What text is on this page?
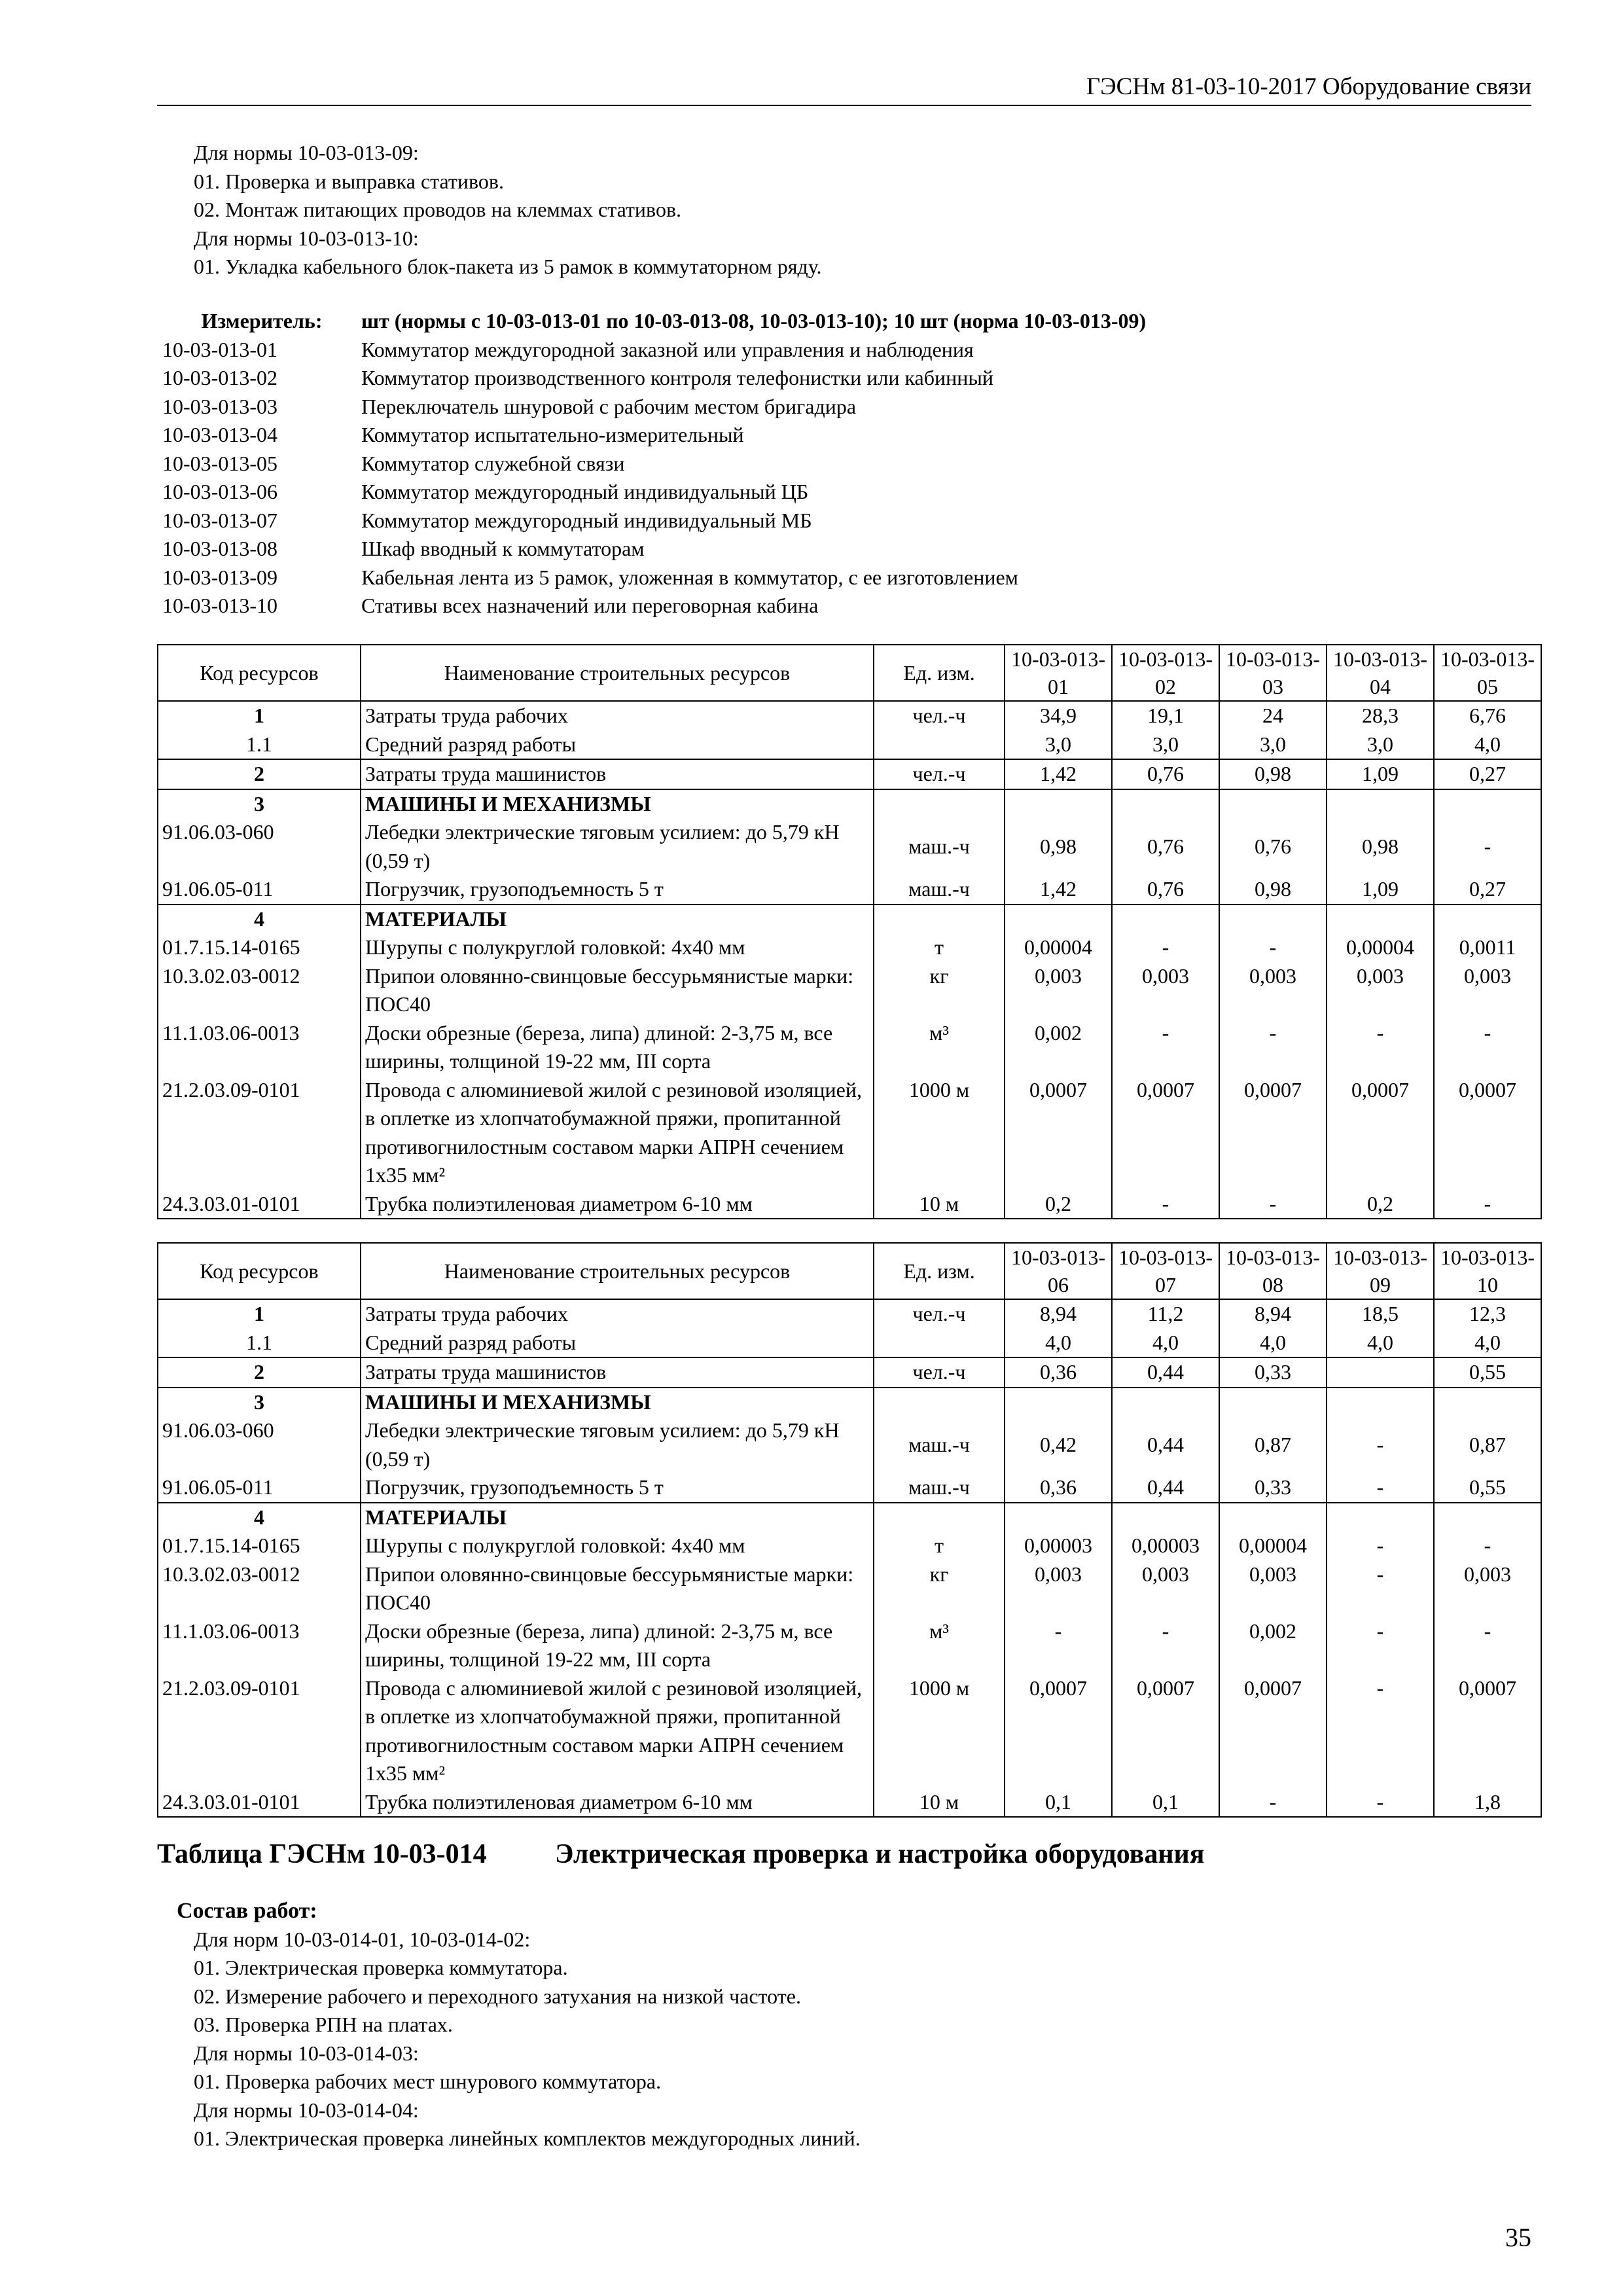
ГЭСНм 81-03-10-2017 Оборудование связи
Для нормы 10-03-013-09:
01. Проверка и выправка стативов.
02. Монтаж питающих проводов на клеммах стативов.
Для нормы 10-03-013-10:
01. Укладка кабельного блок-пакета из 5 рамок в коммутаторном ряду.
Измеритель:	шт (нормы с 10-03-013-01 по 10-03-013-08, 10-03-013-10); 10 шт (норма 10-03-013-09)
10-03-013-01	Коммутатор междугородной заказной или управления и наблюдения
10-03-013-02	Коммутатор производственного контроля телефонистки или кабинный
10-03-013-03	Переключатель шнуровой с рабочим местом бригадира
10-03-013-04	Коммутатор испытательно-измерительный
10-03-013-05	Коммутатор служебной связи
10-03-013-06	Коммутатор междугородный индивидуальный ЦБ
10-03-013-07	Коммутатор междугородный индивидуальный МБ
10-03-013-08	Шкаф вводный к коммутаторам
10-03-013-09	Кабельная лента из 5 рамок, уложенная в коммутатор, с ее изготовлением
10-03-013-10	Стативы всех назначений или переговорная кабина
Код ресурсов	Наименование строительных ресурсов	Ед. изм.	10-03-013-01	10-03-013-02	10-03-013-03	10-03-013-04	10-03-013-05
1	Затраты труда рабочих	чел.-ч	34,9	19,1	24	28,3	6,76
1.1	Средний разряд работы		3,0	3,0	3,0	3,0	4,0
2	Затраты труда машинистов	чел.-ч	1,42	0,76	0,98	1,09	0,27
3	МАШИНЫ И МЕХАНИЗМЫ						
91.06.03-060	Лебедки электрические тяговым усилием: до 5,79 кН (0,59 т)	маш.-ч	0,98	0,76	0,76	0,98	-
91.06.05-011	Погрузчик, грузоподъемность 5 т	маш.-ч	1,42	0,76	0,98	1,09	0,27
4	МАТЕРИАЛЫ						
01.7.15.14-0165	Шурупы с полукруглой головкой: 4x40 мм	т	0,00004	-	-	0,00004	0,0011
10.3.02.03-0012	Припои оловянно-свинцовые бессурьмянистые марки: ПОС40	кг	0,003	0,003	0,003	0,003	0,003
11.1.03.06-0013	Доски обрезные (береза, липа) длиной: 2-3,75 м, все ширины, толщиной 19-22 мм, III сорта	м³	0,002	-	-	-	-
21.2.03.09-0101	Провода с алюминиевой жилой с резиновой изоляцией, в оплетке из хлопчатобумажной пряжи, пропитанной противогнилостным составом марки АПРН сечением 1x35 мм²	1000 м	0,0007	0,0007	0,0007	0,0007	0,0007
24.3.03.01-0101	Трубка полиэтиленовая диаметром 6-10 мм	10 м	0,2	-	-	0,2	-
Код ресурсов	Наименование строительных ресурсов	Ед. изм.	10-03-013-06	10-03-013-07	10-03-013-08	10-03-013-09	10-03-013-10
1	Затраты труда рабочих	чел.-ч	8,94	11,2	8,94	18,5	12,3
1.1	Средний разряд работы		4,0	4,0	4,0	4,0	4,0
2	Затраты труда машинистов	чел.-ч	0,36	0,44	0,33		0,55
3	МАШИНЫ И МЕХАНИЗМЫ						
91.06.03-060	Лебедки электрические тяговым усилием: до 5,79 кН (0,59 т)	маш.-ч	0,42	0,44	0,87	-	0,87
91.06.05-011	Погрузчик, грузоподъемность 5 т	маш.-ч	0,36	0,44	0,33	-	0,55
4	МАТЕРИАЛЫ						
01.7.15.14-0165	Шурупы с полукруглой головкой: 4x40 мм	т	0,00003	0,00003	0,00004	-	-
10.3.02.03-0012	Припои оловянно-свинцовые бессурьмянистые марки: ПОС40	кг	0,003	0,003	0,003	-	0,003
11.1.03.06-0013	Доски обрезные (береза, липа) длиной: 2-3,75 м, все ширины, толщиной 19-22 мм, III сорта	м³	-	-	0,002	-	-
21.2.03.09-0101	Провода с алюминиевой жилой с резиновой изоляцией, в оплетке из хлопчатобумажной пряжи, пропитанной противогнилостным составом марки АПРН сечением 1x35 мм²	1000 м	0,0007	0,0007	0,0007	-	0,0007
24.3.03.01-0101	Трубка полиэтиленовая диаметром 6-10 мм	10 м	0,1	0,1	-	-	1,8
Таблица ГЭСНм 10-03-014 Электрическая проверка и настройка оборудования
Состав работ:
Для норм 10-03-014-01, 10-03-014-02:
01. Электрическая проверка коммутатора.
02. Измерение рабочего и переходного затухания на низкой частоте.
03. Проверка РПН на платах.
Для нормы 10-03-014-03:
01. Проверка рабочих мест шнурового коммутатора.
Для нормы 10-03-014-04:
01. Электрическая проверка линейных комплектов междугородных линий.
35
